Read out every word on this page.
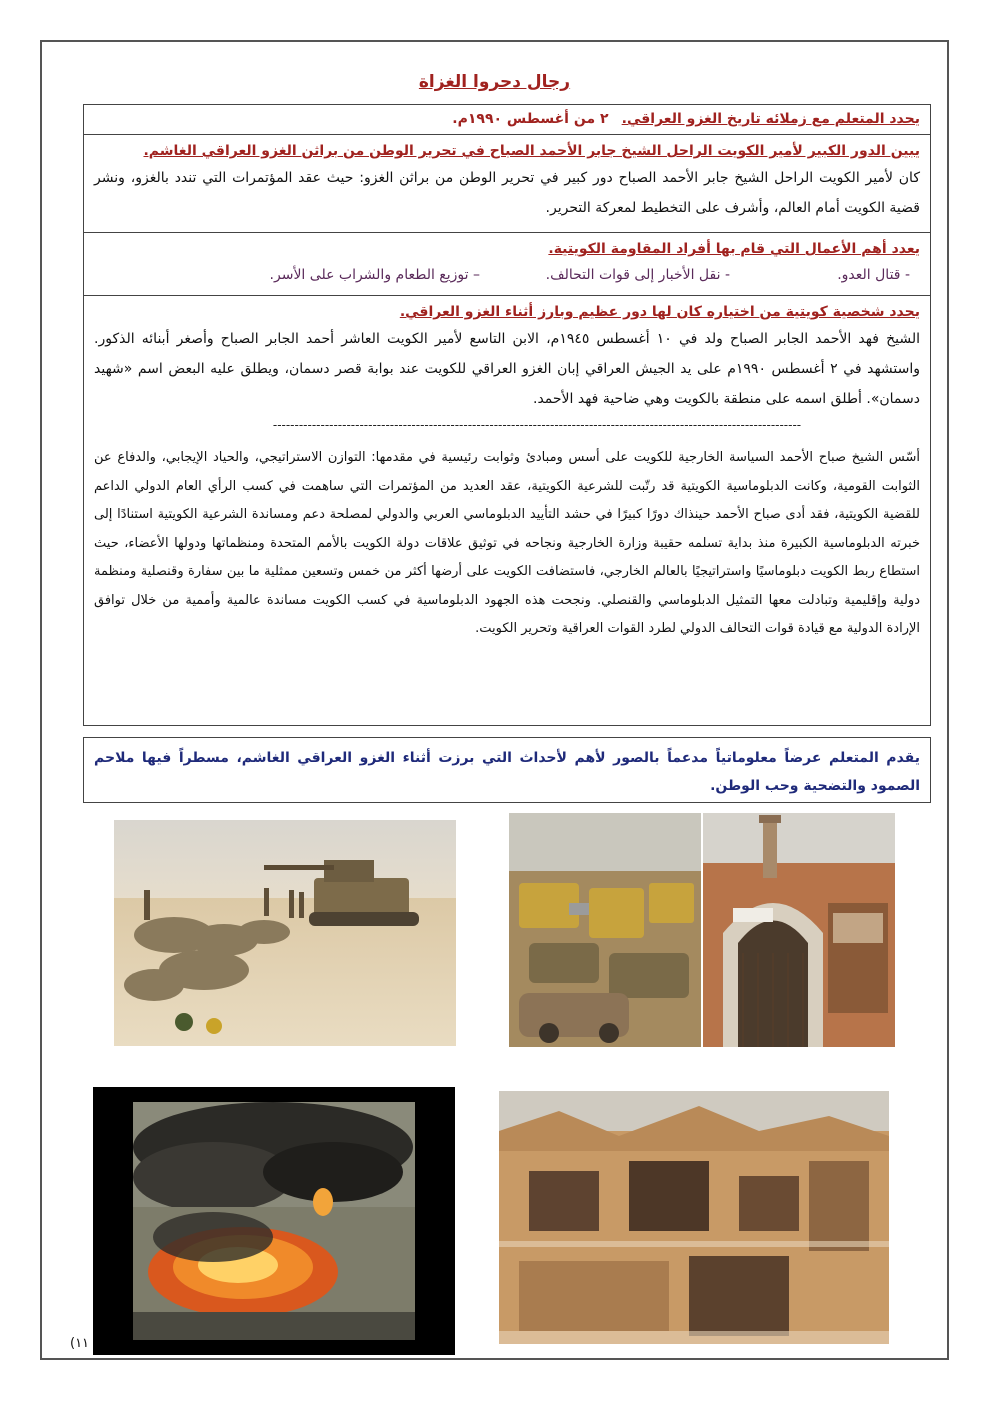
رجال دحروا الغزاة
يحدد المتعلم مع زملائه تاريخ الغزو العراقي. ٢ من أغسطس ١٩٩٠م.
يبين الدور الكبير لأمير الكويت الراحل الشيخ جابر الأحمد الصباح في تحرير الوطن من براثن الغزو العراقي الغاشم.
كان لأمير الكويت الراحل الشيخ جابر الأحمد الصباح دور كبير في تحرير الوطن من براثن الغزو: حيث عقد المؤتمرات التي تندد بالغزو، ونشر قضية الكويت أمام العالم، وأشرف على التخطيط لمعركة التحرير.
يعدد أهم الأعمال التي قام بها أفراد المقاومة الكويتية.
- قتال العدو.
- نقل الأخبار إلى قوات التحالف.
– توزيع الطعام والشراب على الأسر.
يحدد شخصية كويتية من اختياره كان لها دور عظيم وبارز أثناء الغزو العراقي.
الشيخ فهد الأحمد الجابر الصباح ولد في ١٠ أغسطس ١٩٤٥م، الابن التاسع لأمير الكويت العاشر أحمد الجابر الصباح وأصغر أبنائه الذكور. واستشهد في ٢ أغسطس ١٩٩٠م على يد الجيش العراقي إبان الغزو العراقي للكويت عند بوابة قصر دسمان، ويطلق عليه البعض اسم «شهيد دسمان». أطلق اسمه على منطقة بالكويت وهي ضاحية فهد الأحمد.
--------------------------------------------------------------------------------------------------------------------------
أسّس الشيخ صباح الأحمد السياسة الخارجية للكويت على أسس ومبادئ وثوابت رئيسية في مقدمها: التوازن الاستراتيجي، والحياد الإيجابي، والدفاع عن الثوابت القومية، وكانت الدبلوماسية الكويتية قد رتّبت للشرعية الكويتية، عقد العديد من المؤتمرات التي ساهمت في كسب الرأي العام الدولي الداعم للقضية الكويتية، فقد أدى صباح الأحمد حينذاك دورًا كبيرًا في حشد التأييد الدبلوماسي العربي والدولي لمصلحة دعم ومساندة الشرعية الكويتية استنادًا إلى خبرته الدبلوماسية الكبيرة منذ بداية تسلمه حقيبة وزارة الخارجية ونجاحه في توثيق علاقات دولة الكويت بالأمم المتحدة ومنظماتها ودولها الأعضاء، حيث استطاع ربط الكويت دبلوماسيًا واستراتيجيًا بالعالم الخارجي، فاستضافت الكويت على أرضها أكثر من خمس وتسعين ممثلية ما بين سفارة وقنصلية ومنظمة دولية وإقليمية وتبادلت معها التمثيل الدبلوماسي والقنصلي. ونجحت هذه الجهود الدبلوماسية في كسب الكويت مساندة عالمية وأممية من خلال توافق الإرادة الدولية مع قيادة قوات التحالف الدولي لطرد القوات العراقية وتحرير الكويت.
يقدم المتعلم عرضاً معلوماتياً مدعماً بالصور لأهم لأحداث التي برزت أثناء الغزو العراقي الغاشم، مسطراً فيها ملاحم الصمود والتضحية وحب الوطن.
(١١
